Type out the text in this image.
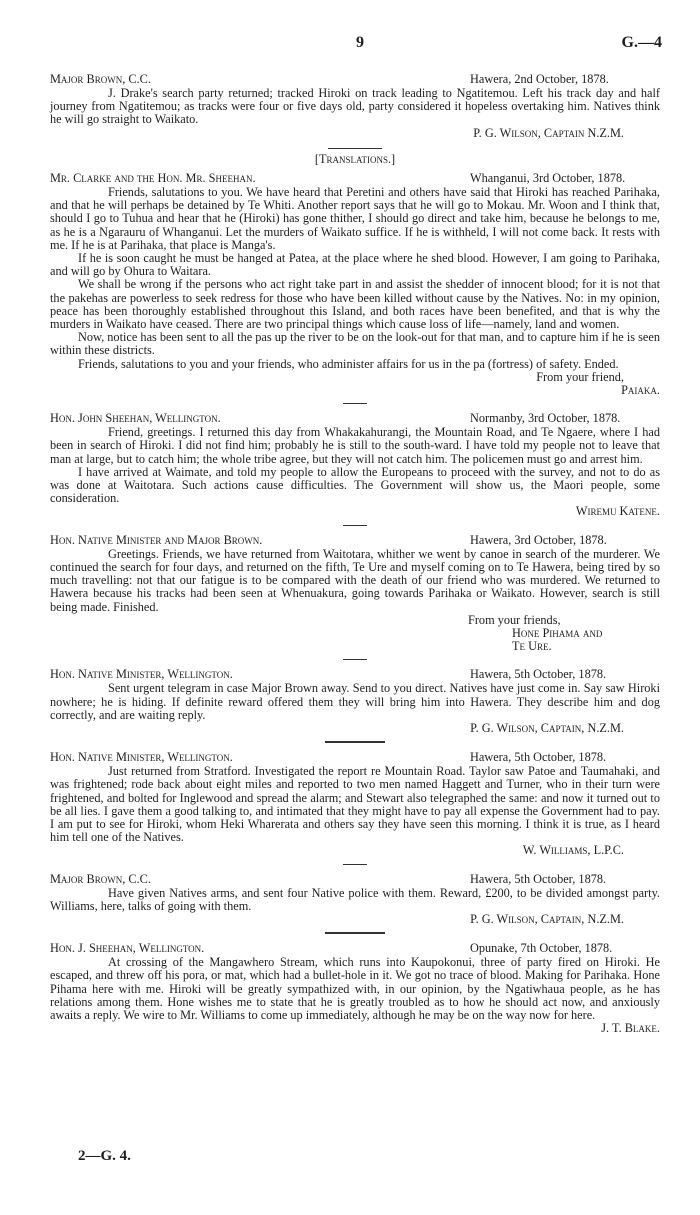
9	G.—4
Major Brown, C.C.	Hawera, 2nd October, 1878.

J. Drake's search party returned; tracked Hiroki on track leading to Ngatitemou. Left his track day and half journey from Ngatitemou; as tracks were four or five days old, party considered it hopeless overtaking him. Natives think he will go straight to Waikato.

P. G. Wilson, Captain N.Z.M.
[Translations.]
Mr. Clarke and the Hon. Mr. Sheehan.	Whanganui, 3rd October, 1878.

Friends, salutations to you. We have heard that Peretini and others have said that Hiroki has reached Parihaka, and that he will perhaps be detained by Te Whiti. Another report says that he will go to Mokau. Mr. Woon and I think that, should I go to Tuhua and hear that he (Hiroki) has gone thither, I should go direct and take him, because he belongs to me, as he is a Ngarauru of Whanganui. Let the murders of Waikato suffice. If he is withheld, I will not come back. It rests with me. If he is at Parihaka, that place is Manga's.

If he is soon caught he must be hanged at Patea, at the place where he shed blood. However, I am going to Parihaka, and will go by Ohura to Waitara.

We shall be wrong if the persons who act right take part in and assist the shedder of innocent blood; for it is not that the pakehas are powerless to seek redress for those who have been killed without cause by the Natives. No: in my opinion, peace has been thoroughly established throughout this Island, and both races have been benefited, and that is why the murders in Waikato have ceased. There are two principal things which cause loss of life—namely, land and women.

Now, notice has been sent to all the pas up the river to be on the look-out for that man, and to capture him if he is seen within these districts.

Friends, salutations to you and your friends, who administer affairs for us in the pa (fortress) of safety. Ended.

From your friend,
Paiaka.
Hon. John Sheehan, Wellington.	Normanby, 3rd October, 1878.

Friend, greetings. I returned this day from Whakakahurangi, the Mountain Road, and Te Ngaere, where I had been in search of Hiroki. I did not find him; probably he is still to the south-ward. I have told my people not to leave that man at large, but to catch him; the whole tribe agree, but they will not catch him. The policemen must go and arrest him.

I have arrived at Waimate, and told my people to allow the Europeans to proceed with the survey, and not to do as was done at Waitotara. Such actions cause difficulties. The Government will show us, the Maori people, some consideration.

Wiremu Katene.
Hon. Native Minister and Major Brown.	Hawera, 3rd October, 1878.

Greetings. Friends, we have returned from Waitotara, whither we went by canoe in search of the murderer. We continued the search for four days, and returned on the fifth, Te Ure and myself coming on to Te Hawera, being tired by so much travelling: not that our fatigue is to be compared with the death of our friend who was murdered. We returned to Hawera because his tracks had been seen at Whenuakura, going towards Parihaka or Waikato. However, search is still being made. Finished.

From your friends,
Hone Pihama and
Te Ure.
Hon. Native Minister, Wellington.	Hawera, 5th October, 1878.

Sent urgent telegram in case Major Brown away. Send to you direct. Natives have just come in. Say saw Hiroki nowhere; he is hiding. If definite reward offered them they will bring him into Hawera. They describe him and dog correctly, and are waiting reply.

P. G. Wilson, Captain, N.Z.M.
Hon. Native Minister, Wellington.	Hawera, 5th October, 1878.

Just returned from Stratford. Investigated the report re Mountain Road. Taylor saw Patoe and Taumahaki, and was frightened; rode back about eight miles and reported to two men named Haggett and Turner, who in their turn were frightened, and bolted for Inglewood and spread the alarm; and Stewart also telegraphed the same: and now it turned out to be all lies. I gave them a good talking to, and intimated that they might have to pay all expense the Government had to pay. I am put to see for Hiroki, whom Heki Wharerata and others say they have seen this morning. I think it is true, as I heard him tell one of the Natives.

W. Williams, L.P.C.
Major Brown, C.C.	Hawera, 5th October, 1878.

Have given Natives arms, and sent four Native police with them. Reward, £200, to be divided amongst party. Williams, here, talks of going with them.

P. G. Wilson, Captain, N.Z.M.
Hon. J. Sheehan, Wellington.	Opunake, 7th October, 1878.

At crossing of the Mangawhero Stream, which runs into Kaupokonui, three of party fired on Hiroki. He escaped, and threw off his pora, or mat, which had a bullet-hole in it. We got no trace of blood. Making for Parihaka. Hone Pihama here with me. Hiroki will be greatly sympathized with, in our opinion, by the Ngatiwhaua people, as he has relations among them. Hone wishes me to state that he is greatly troubled as to how he should act now, and anxiously awaits a reply. We wire to Mr. Williams to come up immediately, although he may be on the way now for here.

J. T. Blake.
2—G. 4.
